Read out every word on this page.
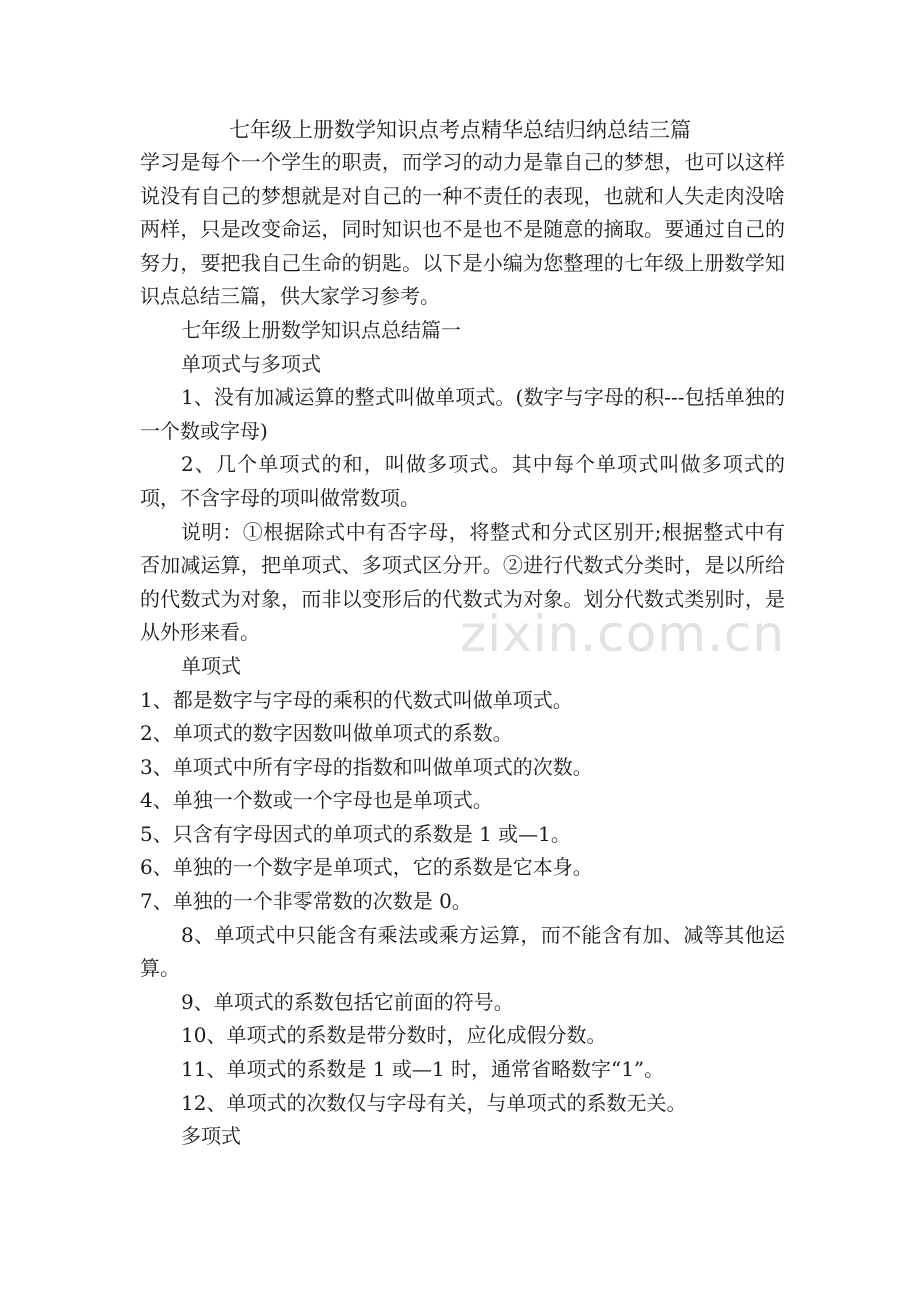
七年级上册数学知识点考点精华总结归纳总结三篇

学习是每个一个学生的职责，而学习的动力是靠自己的梦想，也可以这样说没有自己的梦想就是对自己的一种不责任的表现，也就和人失走肉没啥两样，只是改变命运，同时知识也不是也不是随意的摘取。要通过自己的努力，要把我自己生命的钥匙。以下是小编为您整理的七年级上册数学知识点总结三篇，供大家学习参考。

七年级上册数学知识点总结篇一

单项式与多项式

1、没有加减运算的整式叫做单项式。(数字与字母的积---包括单独的一个数或字母)

2、几个单项式的和，叫做多项式。其中每个单项式叫做多项式的项，不含字母的项叫做常数项。

说明：①根据除式中有否字母，将整式和分式区别开;根据整式中有否加减运算，把单项式、多项式区分开。②进行代数式分类时，是以所给的代数式为对象，而非以变形后的代数式为对象。划分代数式类别时，是从外形来看。

单项式

1、都是数字与字母的乘积的代数式叫做单项式。

2、单项式的数字因数叫做单项式的系数。

3、单项式中所有字母的指数和叫做单项式的次数。

4、单独一个数或一个字母也是单项式。

5、只含有字母因式的单项式的系数是 1 或—1。

6、单独的一个数字是单项式，它的系数是它本身。

7、单独的一个非零常数的次数是 0。

8、单项式中只能含有乘法或乘方运算，而不能含有加、减等其他运算。

9、单项式的系数包括它前面的符号。

10、单项式的系数是带分数时，应化成假分数。

11、单项式的系数是 1 或—1 时，通常省略数字“1”。

12、单项式的次数仅与字母有关，与单项式的系数无关。

多项式

zixin.com.cn
